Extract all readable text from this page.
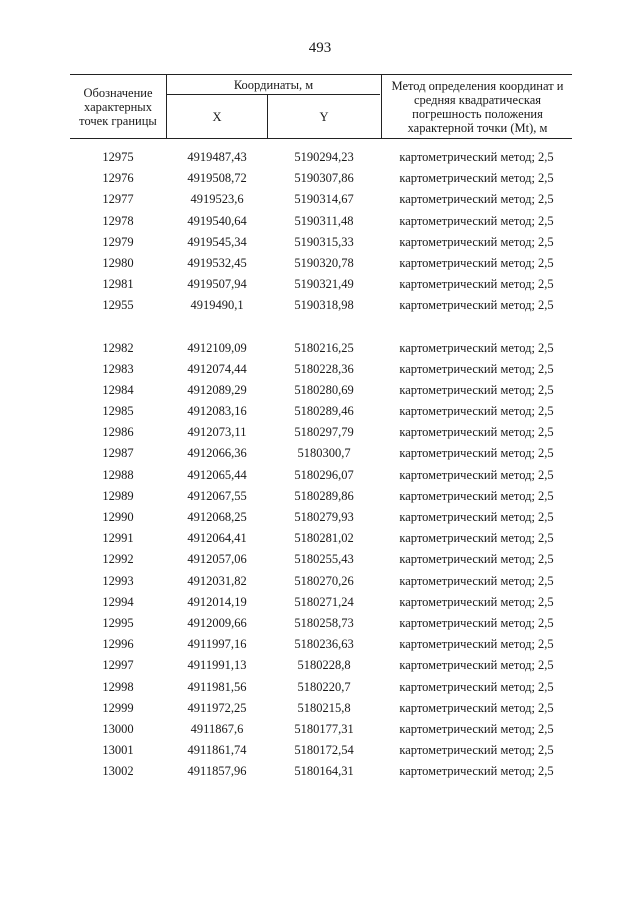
493
Обозначение характерных точек границы
Координаты, м
X	Y
Метод определения координат и средняя квадратическая погрешность положения характерной точки (Mt), м
12975	4919487,43	5190294,23	картометрический метод; 2,5
12976	4919508,72	5190307,86	картометрический метод; 2,5
12977	4919523,6	5190314,67	картометрический метод; 2,5
12978	4919540,64	5190311,48	картометрический метод; 2,5
12979	4919545,34	5190315,33	картометрический метод; 2,5
12980	4919532,45	5190320,78	картометрический метод; 2,5
12981	4919507,94	5190321,49	картометрический метод; 2,5
12955	4919490,1	5190318,98	картометрический метод; 2,5
12982	4912109,09	5180216,25	картометрический метод; 2,5
12983	4912074,44	5180228,36	картометрический метод; 2,5
12984	4912089,29	5180280,69	картометрический метод; 2,5
12985	4912083,16	5180289,46	картометрический метод; 2,5
12986	4912073,11	5180297,79	картометрический метод; 2,5
12987	4912066,36	5180300,7	картометрический метод; 2,5
12988	4912065,44	5180296,07	картометрический метод; 2,5
12989	4912067,55	5180289,86	картометрический метод; 2,5
12990	4912068,25	5180279,93	картометрический метод; 2,5
12991	4912064,41	5180281,02	картометрический метод; 2,5
12992	4912057,06	5180255,43	картометрический метод; 2,5
12993	4912031,82	5180270,26	картометрический метод; 2,5
12994	4912014,19	5180271,24	картометрический метод; 2,5
12995	4912009,66	5180258,73	картометрический метод; 2,5
12996	4911997,16	5180236,63	картометрический метод; 2,5
12997	4911991,13	5180228,8	картометрический метод; 2,5
12998	4911981,56	5180220,7	картометрический метод; 2,5
12999	4911972,25	5180215,8	картометрический метод; 2,5
13000	4911867,6	5180177,31	картометрический метод; 2,5
13001	4911861,74	5180172,54	картометрический метод; 2,5
13002	4911857,96	5180164,31	картометрический метод; 2,5
